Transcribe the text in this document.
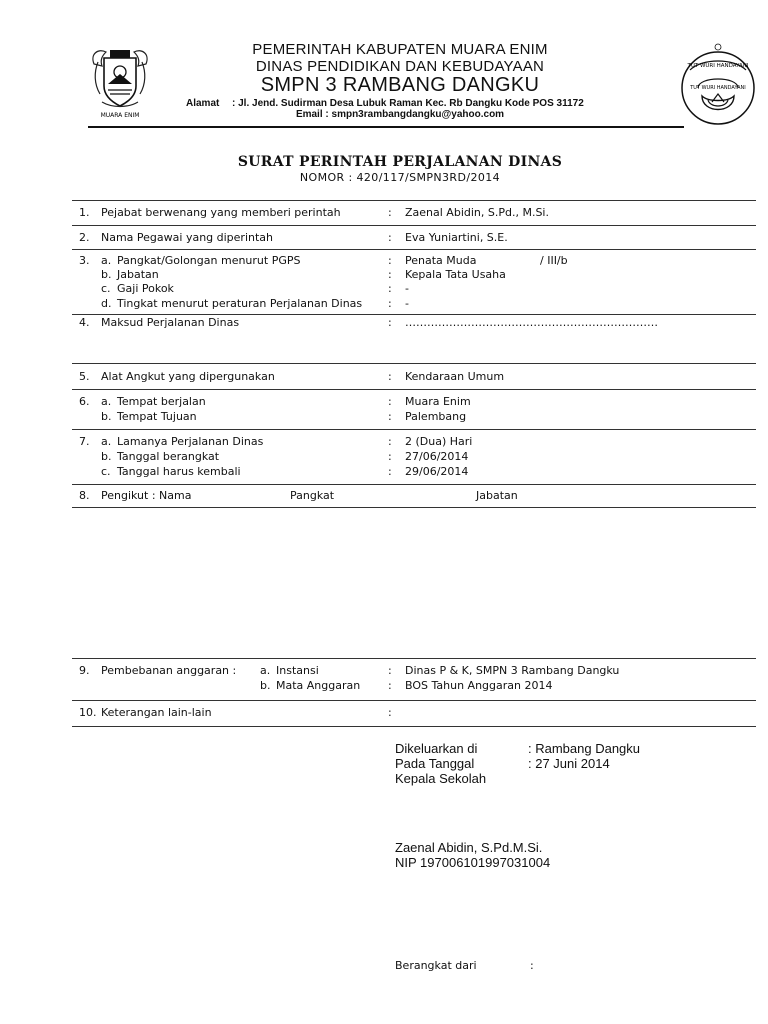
MUARA ENIM
TUT WURI HANDAYANI
TUT WURI HANDAYANI
PEMERINTAH KABUPATEN MUARA ENIM
DINAS PENDIDIKAN DAN KEBUDAYAAN
SMPN 3 RAMBANG DANGKU
Alamat : Jl. Jend. Sudirman Desa Lubuk Raman Kec. Rb Dangku Kode POS 31172
Email : smpn3rambangdangku@yahoo.com
SURAT PERINTAH PERJALANAN DINAS
NOMOR : 420/117/SMPN3RD/2014
1. Pejabat berwenang yang memberi perintah	: Zaenal Abidin, S.Pd., M.Si.
2. Nama Pegawai yang diperintah	: Eva Yuniartini, S.E.
3. a. Pangkat/Golongan menurut PGPS	: Penata Muda	/ III/b
b. Jabatan	: Kepala Tata Usaha
c. Gaji Pokok	: -
d. Tingkat menurut peraturan Perjalanan Dinas : -
4. Maksud Perjalanan Dinas	: ……………………………………………………………
5. Alat Angkut yang dipergunakan	: Kendaraan Umum
6. a. Tempat berjalan	: Muara Enim
b. Tempat Tujuan	: Palembang
7. a. Lamanya Perjalanan Dinas	: 2 (Dua) Hari
b. Tanggal berangkat	: 27/06/2014
c. Tanggal harus kembali	: 29/06/2014
8. Pengikut : Nama	Pangkat	Jabatan
9. Pembebanan anggaran : a. Instansi	: Dinas P & K, SMPN 3 Rambang Dangku
b. Mata Anggaran	: BOS Tahun Anggaran 2014
10. Keterangan lain-lain	:
Dikeluarkan di	: Rambang Dangku
Pada Tanggal	: 27 Juni 2014
Kepala Sekolah
Zaenal Abidin, S.Pd.M.Si.
NIP 197006101997031004
Berangkat dari	:
